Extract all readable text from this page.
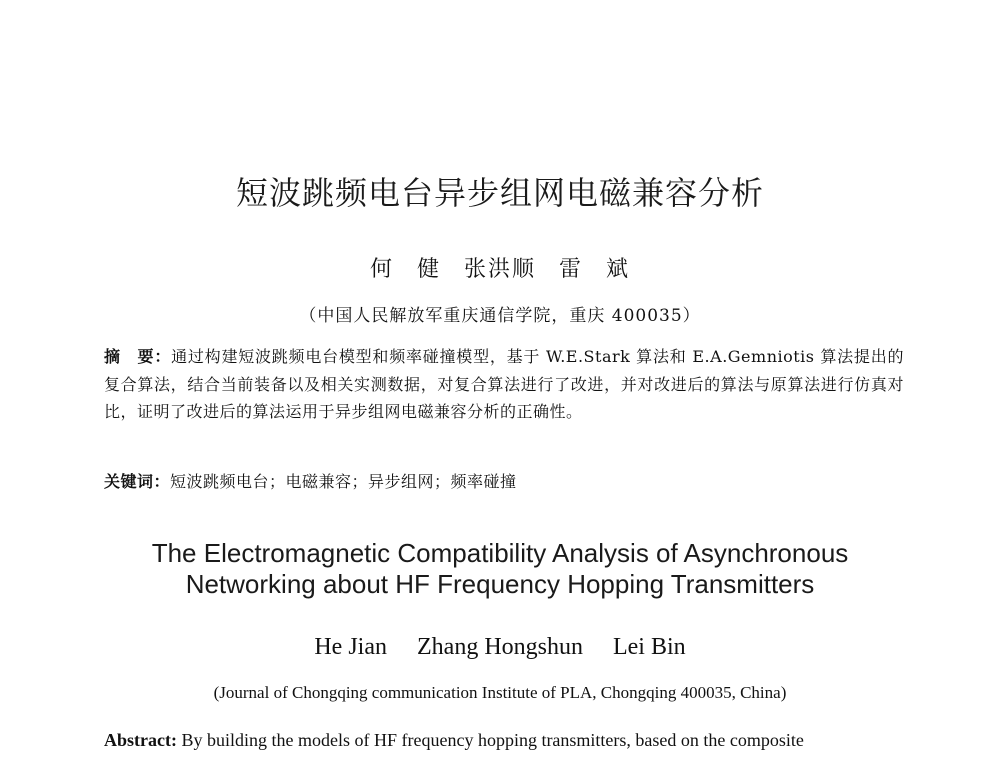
短波跳频电台异步组网电磁兼容分析
何 健 张洪顺 雷 斌
（中国人民解放军重庆通信学院，重庆 400035）
摘　要：通过构建短波跳频电台模型和频率碰撞模型，基于 W.E.Stark 算法和 E.A.Gemniotis 算法提出的复合算法，结合当前装备以及相关实测数据，对复合算法进行了改进，并对改进后的算法与原算法进行仿真对比，证明了改进后的算法运用于异步组网电磁兼容分析的正确性。
关键词：短波跳频电台；电磁兼容；异步组网；频率碰撞
The Electromagnetic Compatibility Analysis of Asynchronous
Networking about HF Frequency Hopping Transmitters
He Jian Zhang Hongshun Lei Bin
(Journal of Chongqing communication Institute of PLA, Chongqing 400035, China)
Abstract: By building the models of HF frequency hopping transmitters, based on the composite
